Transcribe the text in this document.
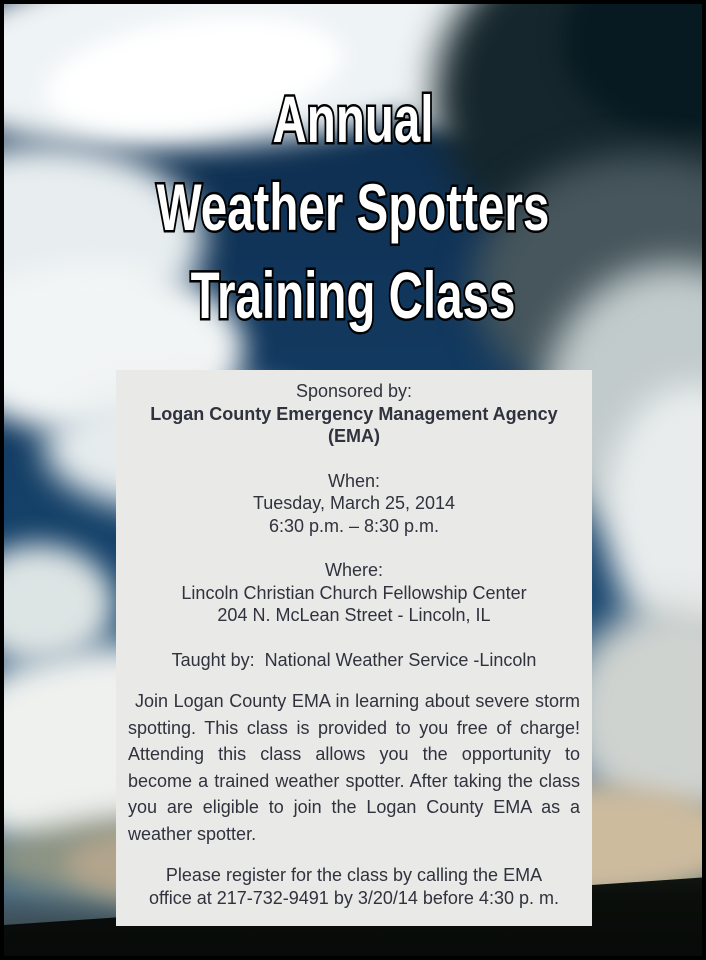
Annual
Weather Spotters
Training Class
Sponsored by:
Logan County Emergency Management Agency
(EMA)
When:
Tuesday, March 25, 2014
6:30 p.m. – 8:30 p.m.
Where:
Lincoln Christian Church Fellowship Center
204 N. McLean Street - Lincoln, IL
Taught by:  National Weather Service -Lincoln
Join Logan County EMA in learning about severe storm spotting. This class is provided to you free of charge! Attending this class allows you the opportunity to become a trained weather spotter. After taking the class you are eligible to join the Logan County EMA as a weather spotter.
Please register for the class by calling the EMA
office at 217-732-9491 by 3/20/14 before 4:30 p. m.
